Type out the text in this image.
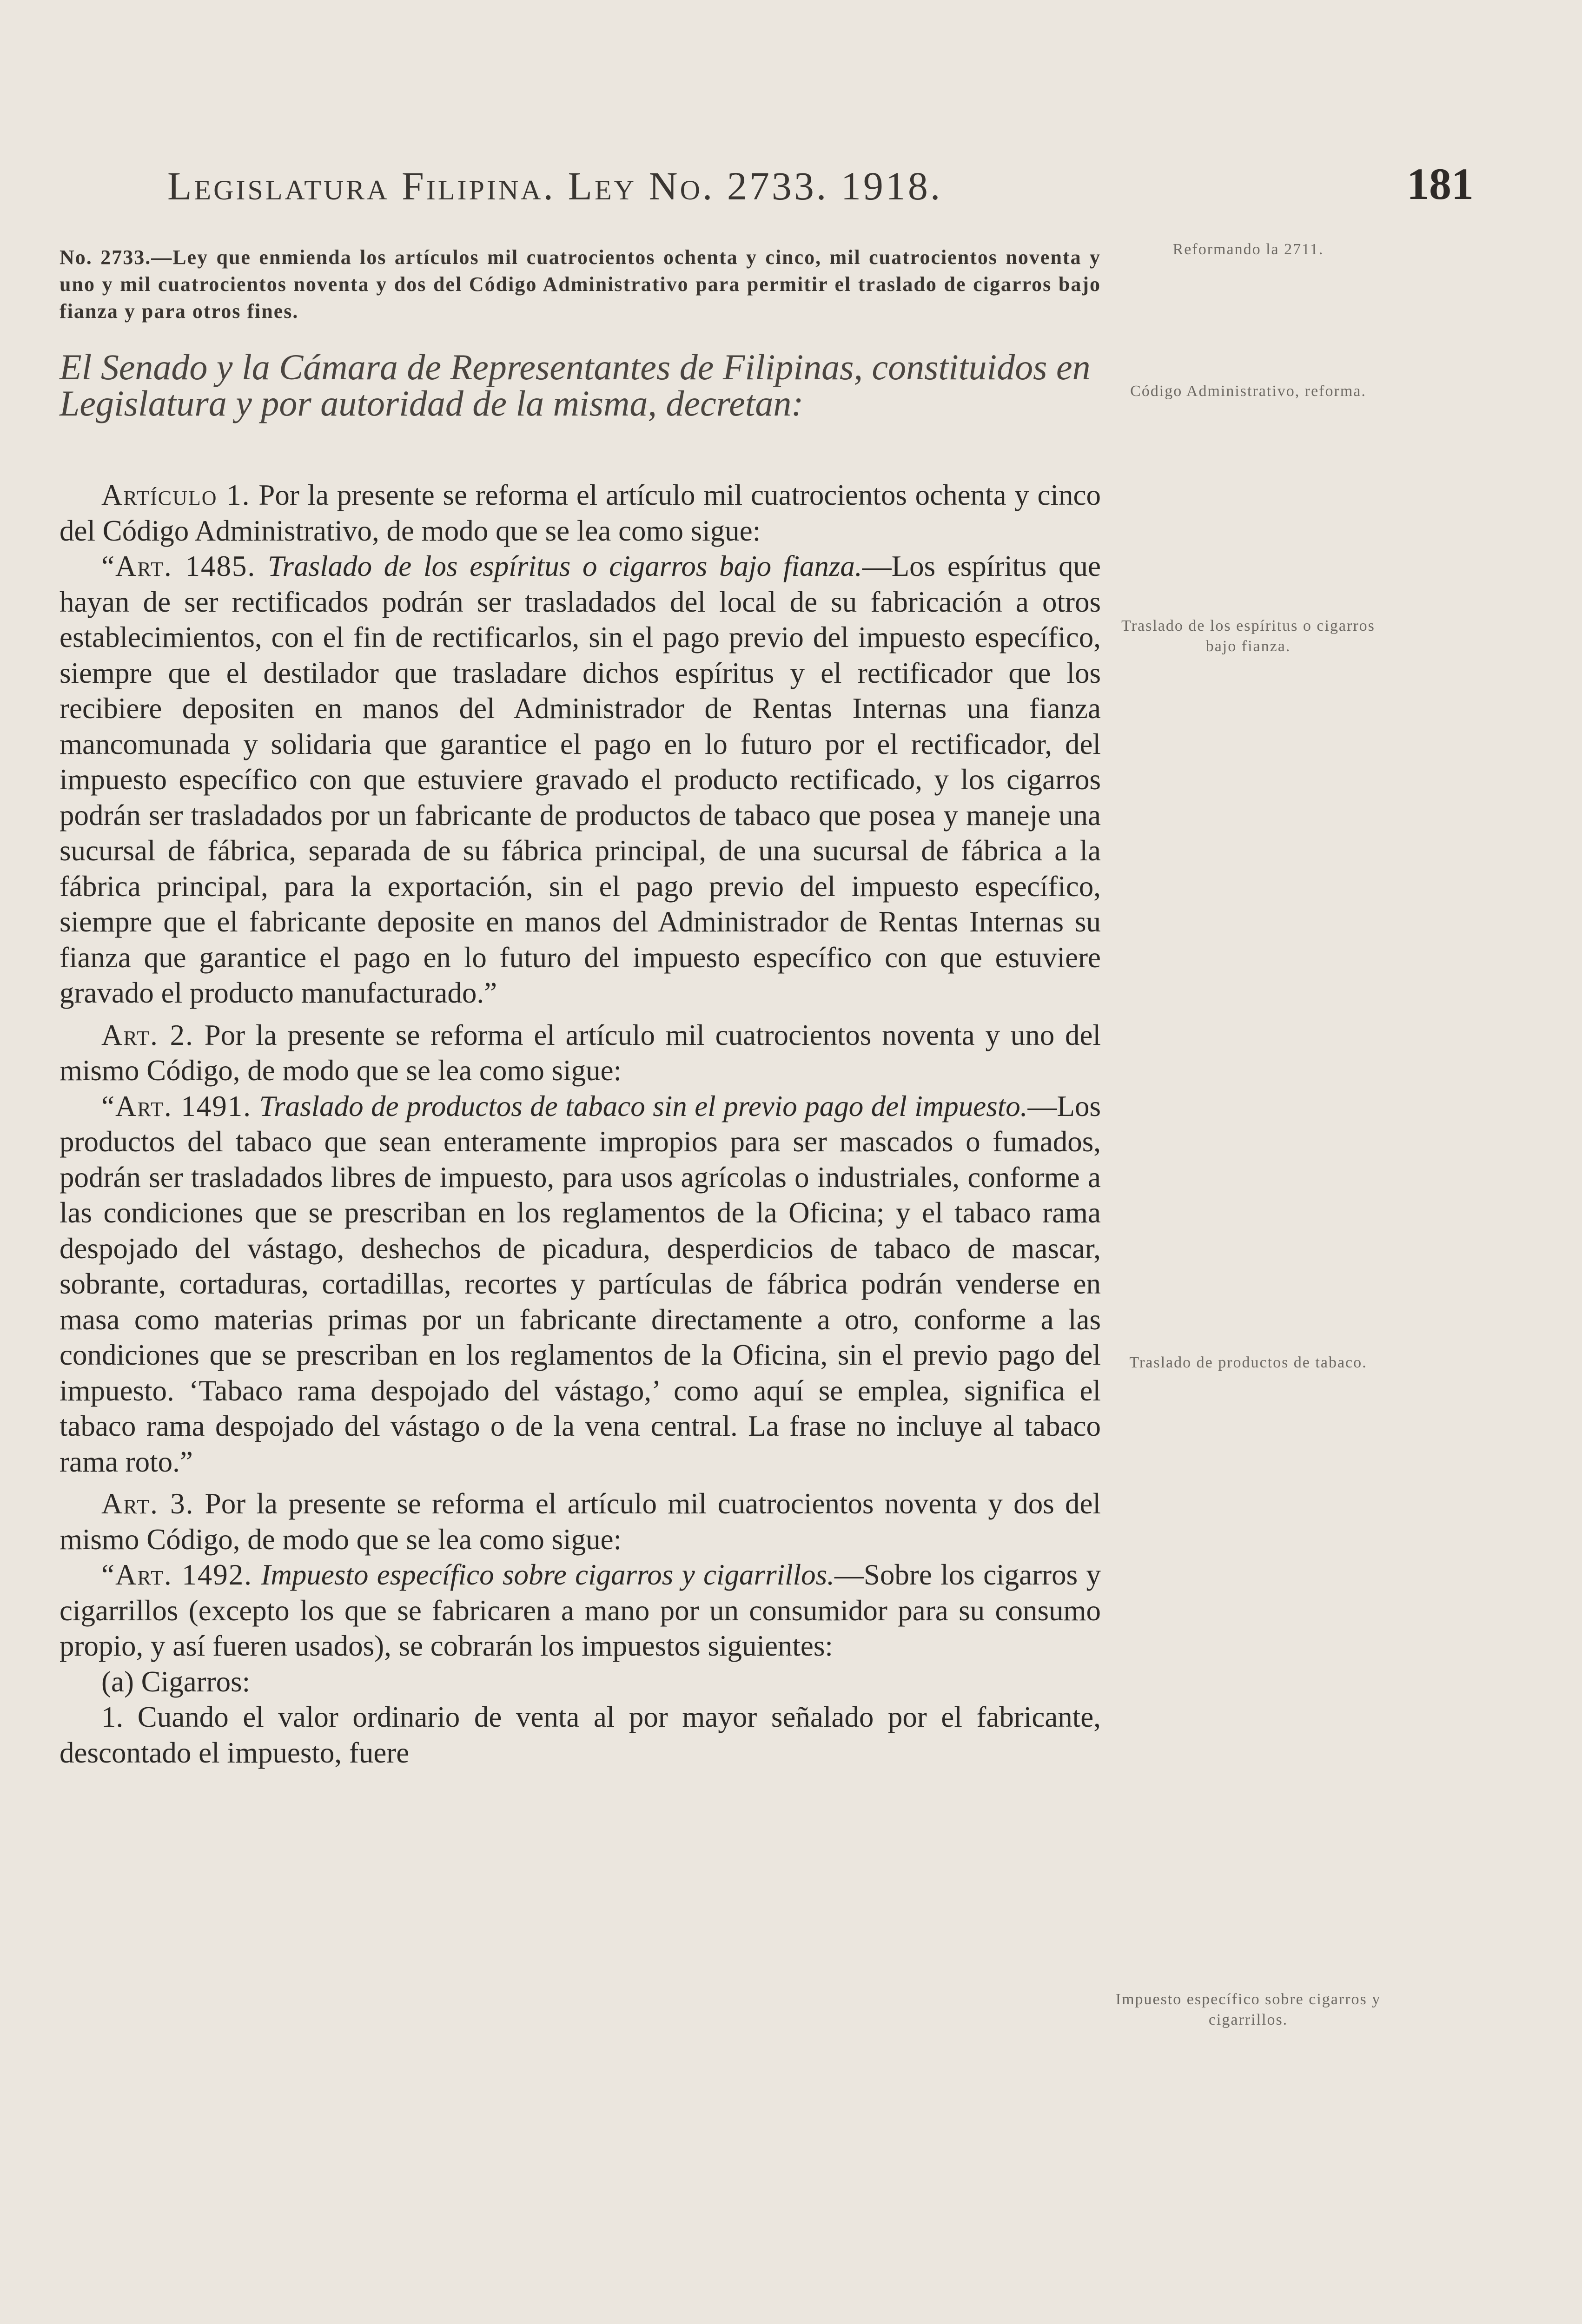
Legislatura Filipina. Ley No. 2733. 1918.	181

No. 2733.—Ley que enmienda los artículos mil cuatrocientos ochenta y cinco, mil cuatrocientos noventa y uno y mil cuatrocientos noventa y dos del Código Administrativo para permitir el traslado de cigarros bajo fianza y para otros fines.

El Senado y la Cámara de Representantes de Filipinas, constituidos en Legislatura y por autoridad de la misma, decretan:

Artículo 1. Por la presente se reforma el artículo mil cuatrocientos ochenta y cinco del Código Administrativo, de modo que se lea como sigue:

“Art. 1485. Traslado de los espíritus o cigarros bajo fianza.—Los espíritus que hayan de ser rectificados podrán ser trasladados del local de su fabricación a otros establecimientos, con el fin de rectificarlos, sin el pago previo del impuesto específico, siempre que el destilador que trasladare dichos espíritus y el rectificador que los recibiere depositen en manos del Administrador de Rentas Internas una fianza mancomunada y solidaria que garantice el pago en lo futuro por el rectificador, del impuesto específico con que estuviere gravado el producto rectificado, y los cigarros podrán ser trasladados por un fabricante de productos de tabaco que posea y maneje una sucursal de fábrica, separada de su fábrica principal, de una sucursal de fábrica a la fábrica principal, para la exportación, sin el pago previo del impuesto específico, siempre que el fabricante deposite en manos del Administrador de Rentas Internas su fianza que garantice el pago en lo futuro del impuesto específico con que estuviere gravado el producto manufacturado.”

Art. 2. Por la presente se reforma el artículo mil cuatrocientos noventa y uno del mismo Código, de modo que se lea como sigue:

“Art. 1491. Traslado de productos de tabaco sin el previo pago del impuesto.—Los productos del tabaco que sean enteramente impropios para ser mascados o fumados, podrán ser trasladados libres de impuesto, para usos agrícolas o industriales, conforme a las condiciones que se prescriban en los reglamentos de la Oficina; y el tabaco rama despojado del vástago, deshechos de picadura, desperdicios de tabaco de mascar, sobrante, cortaduras, cortadillas, recortes y partículas de fábrica podrán venderse en masa como materias primas por un fabricante directamente a otro, conforme a las condiciones que se prescriban en los reglamentos de la Oficina, sin el previo pago del impuesto. ‘Tabaco rama despojado del vástago,’ como aquí se emplea, significa el tabaco rama despojado del vástago o de la vena central. La frase no incluye al tabaco rama roto.”

Art. 3. Por la presente se reforma el artículo mil cuatrocientos noventa y dos del mismo Código, de modo que se lea como sigue:

“Art. 1492. Impuesto específico sobre cigarros y cigarrillos.—Sobre los cigarros y cigarrillos (excepto los que se fabricaren a mano por un consumidor para su consumo propio, y así fueren usados), se cobrarán los impuestos siguientes:

(a) Cigarros:

1. Cuando el valor ordinario de venta al por mayor señalado por el fabricante, descontado el impuesto, fuere

Reformando la 2711.
Código Administrativo, reforma.
Traslado de los espíritus o cigarros bajo fianza.
Traslado de productos de tabaco.
Impuesto específico sobre cigarros y cigarrillos.
